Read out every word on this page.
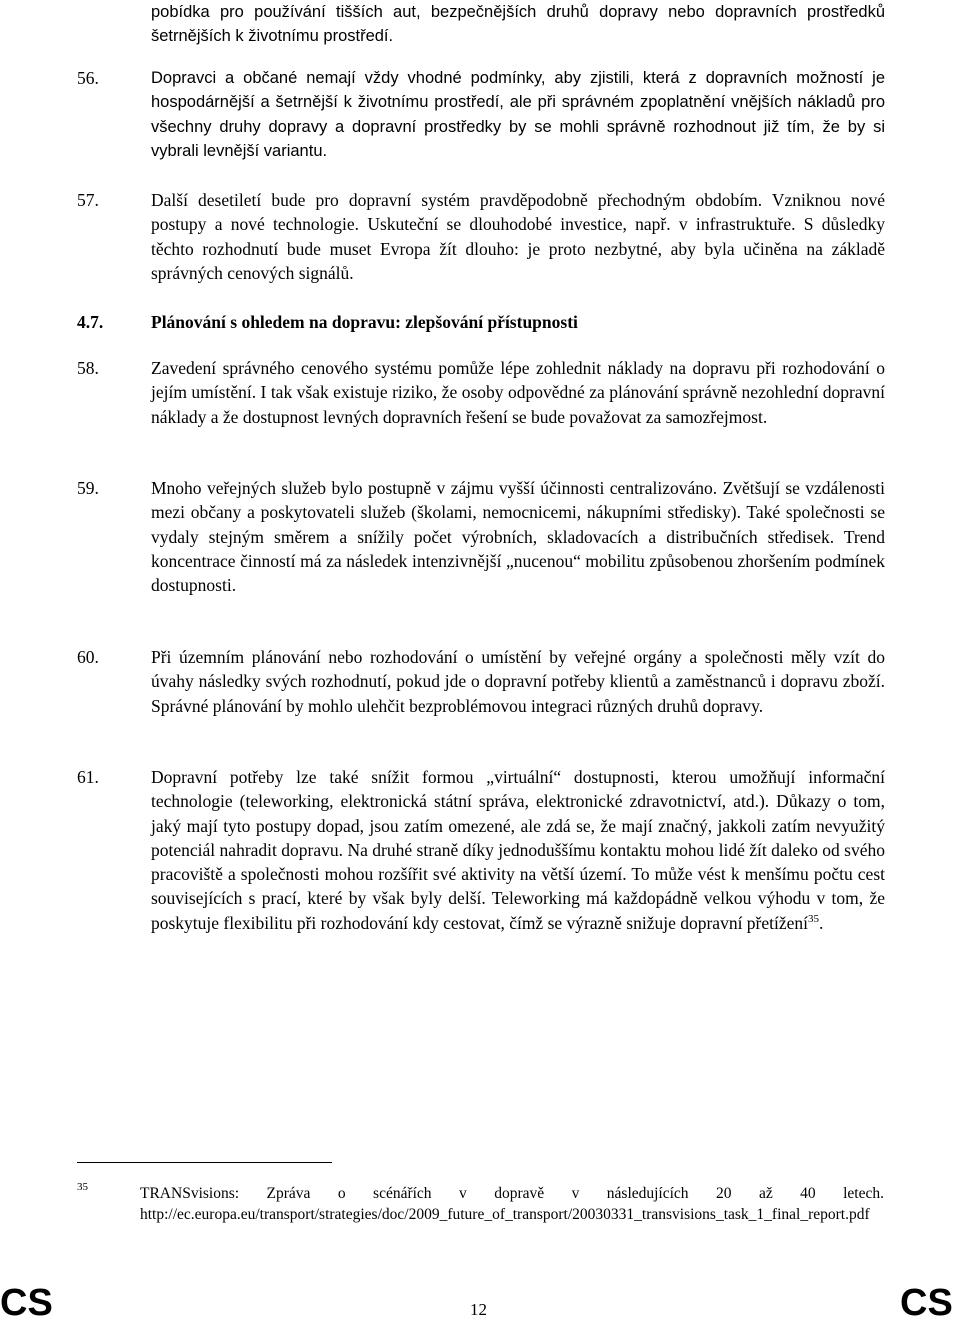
pobídka pro používání tišších aut, bezpečnějších druhů dopravy nebo dopravních prostředků šetrnějších k životnímu prostředí.
56.	Dopravci a občané nemají vždy vhodné podmínky, aby zjistili, která z dopravních možností je hospodárnější a šetrnější k životnímu prostředí, ale při správném zpoplatnění vnějších nákladů pro všechny druhy dopravy a dopravní prostředky by se mohli správně rozhodnout již tím, že by si vybrali levnější variantu.
57.	Další desetiletí bude pro dopravní systém pravděpodobně přechodným obdobím. Vzniknou nové postupy a nové technologie. Uskuteční se dlouhodobé investice, např. v infrastruktuře. S důsledky těchto rozhodnutí bude muset Evropa žít dlouho: je proto nezbytné, aby byla učiněna na základě správných cenových signálů.
4.7.	Plánování s ohledem na dopravu: zlepšování přístupnosti
58.	Zavedení správného cenového systému pomůže lépe zohlednit náklady na dopravu při rozhodování o jejím umístění. I tak však existuje riziko, že osoby odpovědné za plánování správně nezohlední dopravní náklady a že dostupnost levných dopravních řešení se bude považovat za samozřejmost.
59.	Mnoho veřejných služeb bylo postupně v zájmu vyšší účinnosti centralizováno. Zvětšují se vzdálenosti mezi občany a poskytovateli služeb (školami, nemocnicemi, nákupními středisky). Také společnosti se vydaly stejným směrem a snížily počet výrobních, skladovacích a distribučních středisek. Trend koncentrace činností má za následek intenzivnější „nucenou“ mobilitu způsobenou zhoršením podmínek dostupnosti.
60.	Při územním plánování nebo rozhodování o umístění by veřejné orgány a společnosti měly vzít do úvahy následky svých rozhodnutí, pokud jde o dopravní potřeby klientů a zaměstnanců i dopravu zboží. Správné plánování by mohlo ulehčit bezproblémovou integraci různých druhů dopravy.
61.	Dopravní potřeby lze také snížit formou „virtuální“ dostupnosti, kterou umožňují informační technologie (teleworking, elektronická státní správa, elektronické zdravotnictví, atd.). Důkazy o tom, jaký mají tyto postupy dopad, jsou zatím omezené, ale zdá se, že mají značný, jakkoli zatím nevyužitý potenciál nahradit dopravu. Na druhé straně díky jednoduššímu kontaktu mohou lidé žít daleko od svého pracoviště a společnosti mohou rozšířit své aktivity na větší území. To může vést k menšímu počtu cest souvisejících s prací, které by však byly delší. Teleworking má každopádně velkou výhodu v tom, že poskytuje flexibilitu při rozhodování kdy cestovat, čímž se výrazně snižuje dopravní přetížení$^{35}$.
35	TRANSvisions: Zpráva o scénářích v dopravě v následujících 20 až 40 letech. http://ec.europa.eu/transport/strategies/doc/2009_future_of_transport/20030331_transvisions_task_1_final_report.pdf
CS	12	CS
